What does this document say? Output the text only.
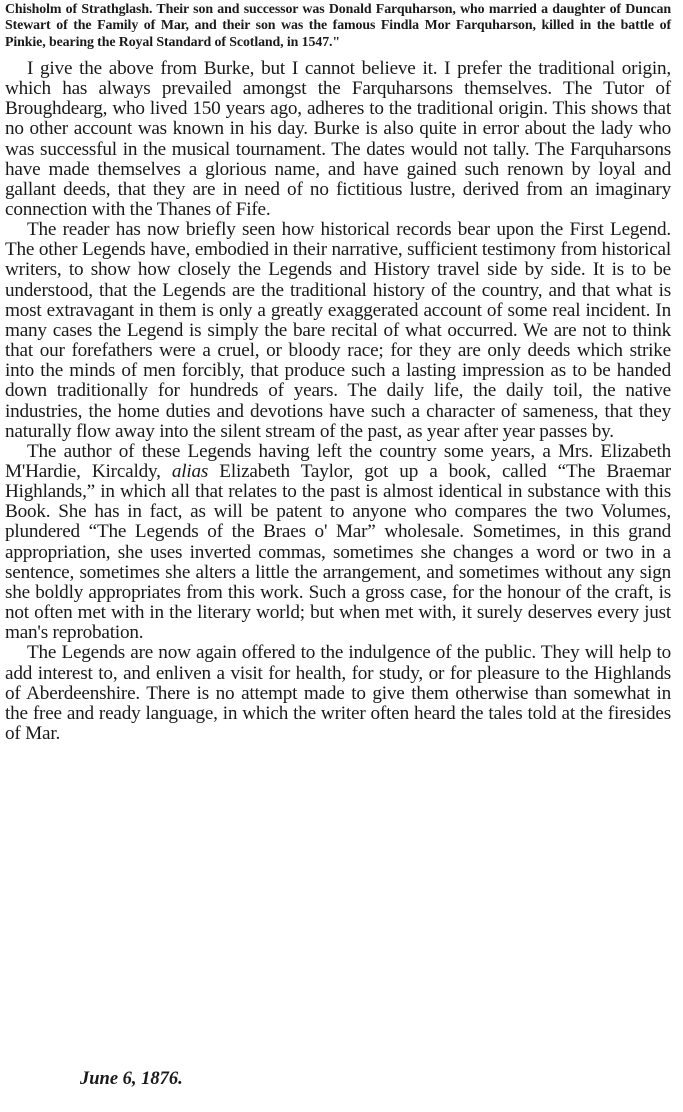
Chisholm of Strathglash. Their son and successor was Donald Farquharson, who married a daughter of Duncan Stewart of the Family of Mar, and their son was the famous Findla Mor Farquharson, killed in the battle of Pinkie, bearing the Royal Standard of Scotland, in 1547."

I give the above from Burke, but I cannot believe it. I prefer the traditional origin, which has always prevailed amongst the Farquharsons themselves. The Tutor of Broughdearg, who lived 150 years ago, adheres to the traditional origin. This shows that no other account was known in his day. Burke is also quite in error about the lady who was successful in the musical tournament. The dates would not tally. The Farquharsons have made themselves a glorious name, and have gained such renown by loyal and gallant deeds, that they are in need of no fictitious lustre, derived from an imaginary connection with the Thanes of Fife.

The reader has now briefly seen how historical records bear upon the First Legend. The other Legends have, embodied in their narrative, sufficient testimony from historical writers, to show how closely the Legends and History travel side by side. It is to be understood, that the Legends are the traditional history of the country, and that what is most extravagant in them is only a greatly exaggerated account of some real incident. In many cases the Legend is simply the bare recital of what occurred. We are not to think that our forefathers were a cruel, or bloody race; for they are only deeds which strike into the minds of men forcibly, that produce such a lasting impression as to be handed down traditionally for hundreds of years. The daily life, the daily toil, the native industries, the home duties and devotions have such a character of sameness, that they naturally flow away into the silent stream of the past, as year after year passes by.

The author of these Legends having left the country some years, a Mrs. Elizabeth M'Hardie, Kircaldy, alias Elizabeth Taylor, got up a book, called “The Braemar Highlands,” in which all that relates to the past is almost identical in substance with this Book. She has in fact, as will be patent to anyone who compares the two Volumes, plundered “The Legends of the Braes o' Mar” wholesale. Sometimes, in this grand appropriation, she uses inverted commas, sometimes she changes a word or two in a sentence, sometimes she alters a little the arrangement, and sometimes without any sign she boldly appropriates from this work. Such a gross case, for the honour of the craft, is not often met with in the literary world; but when met with, it surely deserves every just man's reprobation.

The Legends are now again offered to the indulgence of the public. They will help to add interest to, and enliven a visit for health, for study, or for pleasure to the Highlands of Aberdeenshire. There is no attempt made to give them otherwise than somewhat in the free and ready language, in which the writer often heard the tales told at the firesides of Mar.

June 6, 1876.
